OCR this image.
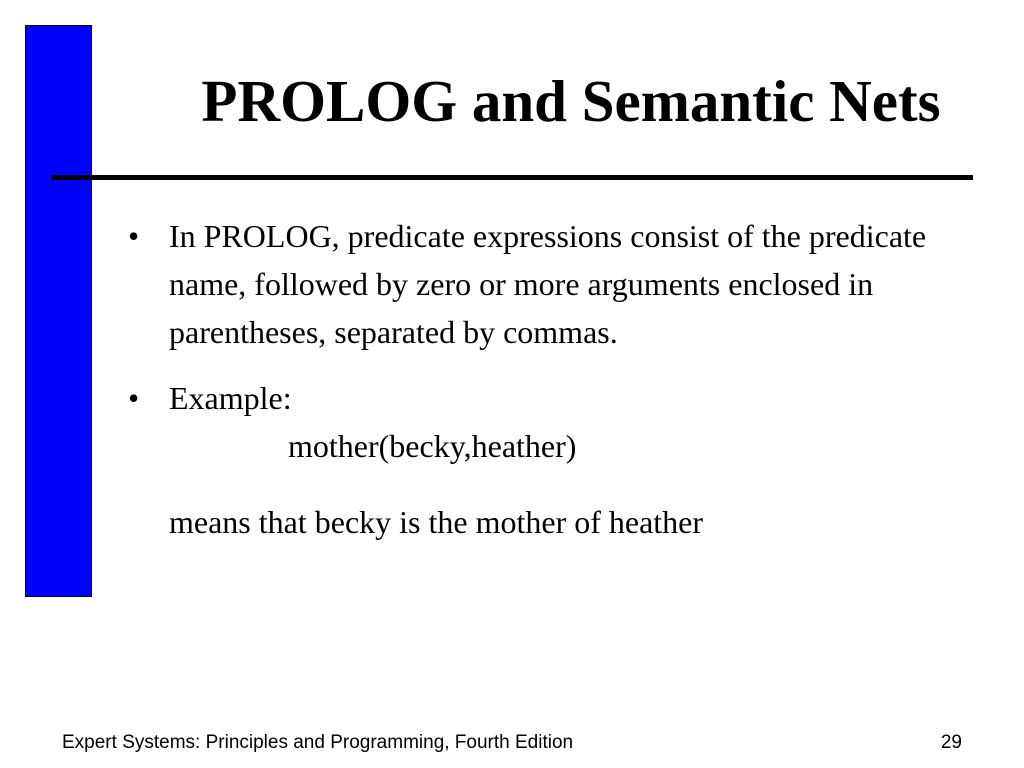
PROLOG and Semantic Nets

• In PROLOG, predicate expressions consist of the predicate name, followed by zero or more arguments enclosed in parentheses, separated by commas.

• Example:

mother(becky,heather)

means that becky is the mother of heather

Expert Systems: Principles and Programming, Fourth Edition	29
